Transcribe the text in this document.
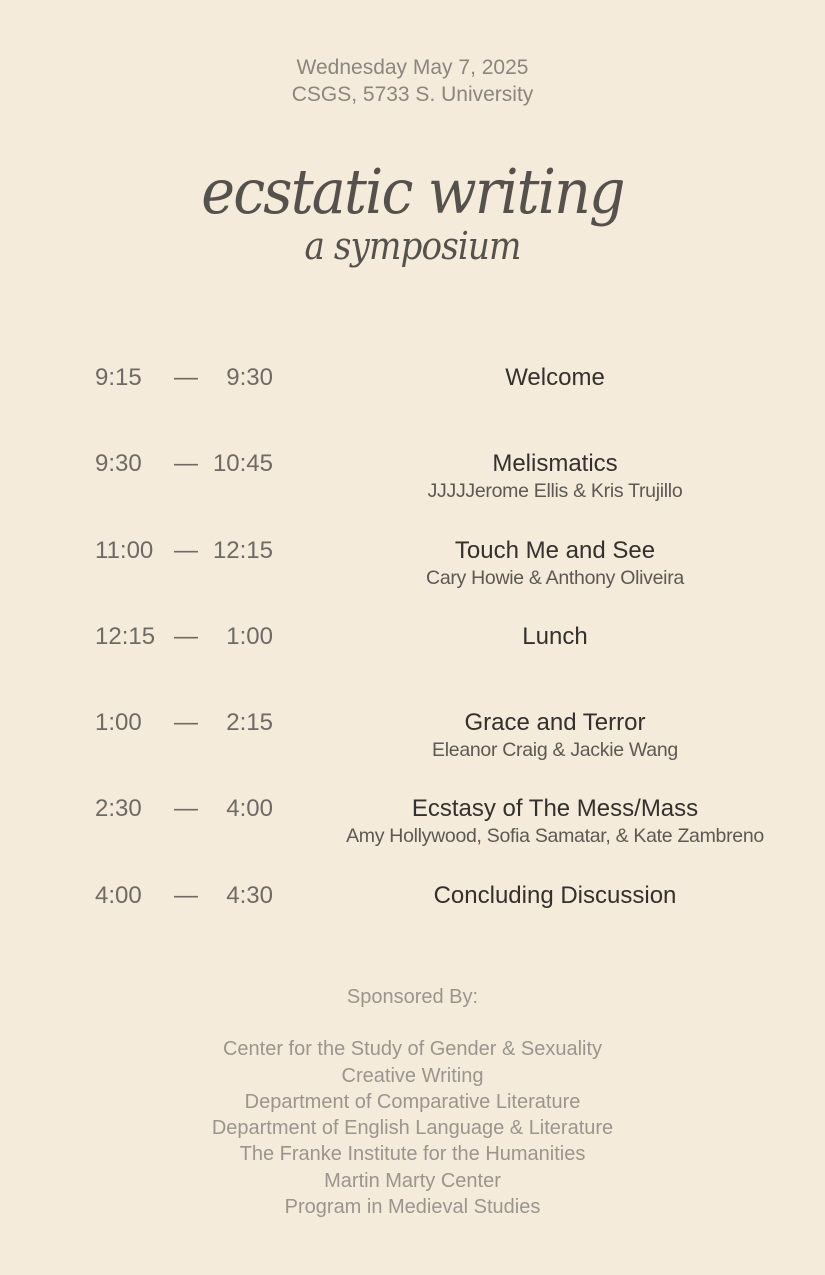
Wednesday May 7, 2025
CSGS, 5733 S. University
ecstatic writing
a symposium
9:15 —	9:30	Welcome
9:30 — 10:45	Melismatics
JJJJJerome Ellis & Kris Trujillo
11:00 — 12:15	Touch Me and See
Cary Howie & Anthony Oliveira
12:15 —	1:00	Lunch
1:00 —	2:15	Grace and Terror
Eleanor Craig & Jackie Wang
2:30 —	4:00	Ecstasy of The Mess/Mass
Amy Hollywood, Sofia Samatar, & Kate Zambreno
4:00 —	4:30	Concluding Discussion
Sponsored By:
Center for the Study of Gender & Sexuality
Creative Writing
Department of Comparative Literature
Department of English Language & Literature
The Franke Institute for the Humanities
Martin Marty Center
Program in Medieval Studies
